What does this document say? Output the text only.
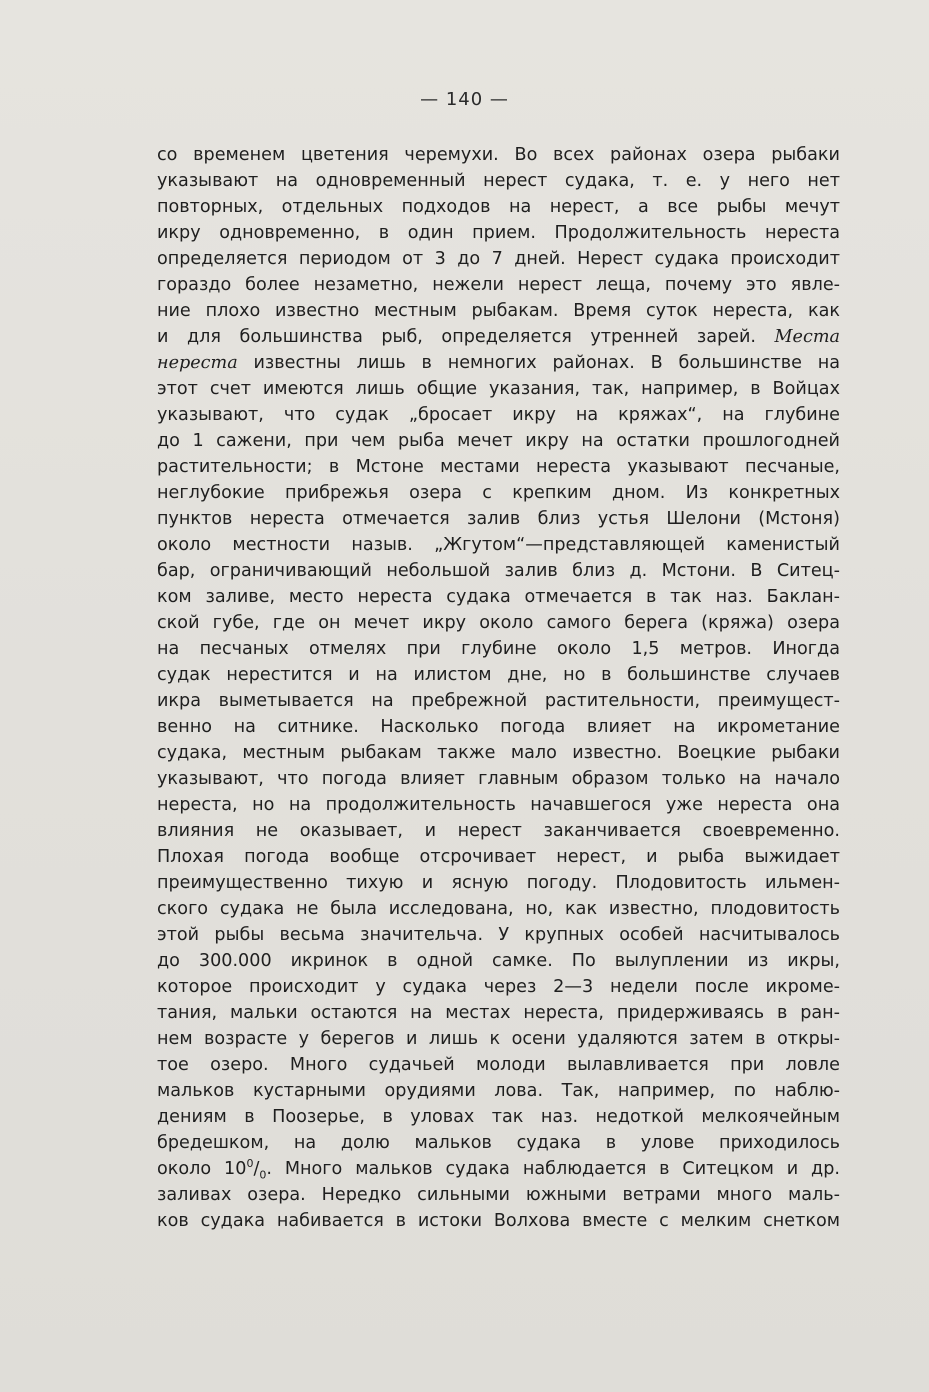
— 140 —
со временем цветения черемухи. Во всех районах озера рыбаки
указывают на одновременный нерест судака, т. е. у него нет
повторных, отдельных подходов на нерест, а все рыбы мечут
икру одновременно, в один прием. Продолжительность нереста
определяется периодом от 3 до 7 дней. Нерест судака происходит
гораздо более незаметно, нежели нерест леща, почему это явле-
ние плохо известно местным рыбакам. Время суток нереста, как
и для большинства рыб, определяется утренней зарей. Места
нереста известны лишь в немногих районах. В большинстве на
этот счет имеются лишь общие указания, так, например, в Войцах
указывают, что судак „бросает икру на кряжах“, на глубине
до 1 сажени, при чем рыба мечет икру на остатки прошлогодней
растительности; в Мстоне местами нереста указывают песчаные,
неглубокие прибрежья озера с крепким дном. Из конкретных
пунктов нереста отмечается залив близ устья Шелони (Мстоня)
около местности назыв. „Жгутом“—представляющей каменистый
бар, ограничивающий небольшой залив близ д. Мстони. В Ситец-
ком заливе, место нереста судака отмечается в так наз. Баклан-
ской губе, где он мечет икру около самого берега (кряжа) озера
на песчаных отмелях при глубине около 1,5 метров. Иногда
судак нерестится и на илистом дне, но в большинстве случаев
икра выметывается на пребрежной растительности, преимущест-
венно на ситнике. Насколько погода влияет на икрометание
судака, местным рыбакам также мало известно. Воецкие рыбаки
указывают, что погода влияет главным образом только на начало
нереста, но на продолжительность начавшегося уже нереста она
влияния не оказывает, и нерест заканчивается своевременно.
Плохая погода вообще отсрочивает нерест, и рыба выжидает
преимущественно тихую и ясную погоду. Плодовитость ильмен-
ского судака не была исследована, но, как известно, плодовитость
этой рыбы весьма значительча. У крупных особей насчитывалось
до 300.000 икринок в одной самке. По вылуплении из икры,
которое происходит у судака через 2—3 недели после икроме-
тания, мальки остаются на местах нереста, придерживаясь в ран-
нем возрасте у берегов и лишь к осени удаляются затем в откры-
тое озеро. Много судачьей молоди вылавливается при ловле
мальков кустарными орудиями лова. Так, например, по наблю-
дениям в Поозерье, в уловах так наз. недоткой мелкоячейным
бредешком, на долю мальков судака в улове приходилось
около $10^0/_0$. Много мальков судака наблюдается в Ситецком и др.
заливах озера. Нередко сильными южными ветрами много маль-
ков судака набивается в истоки Волхова вместе с мелким снетком
